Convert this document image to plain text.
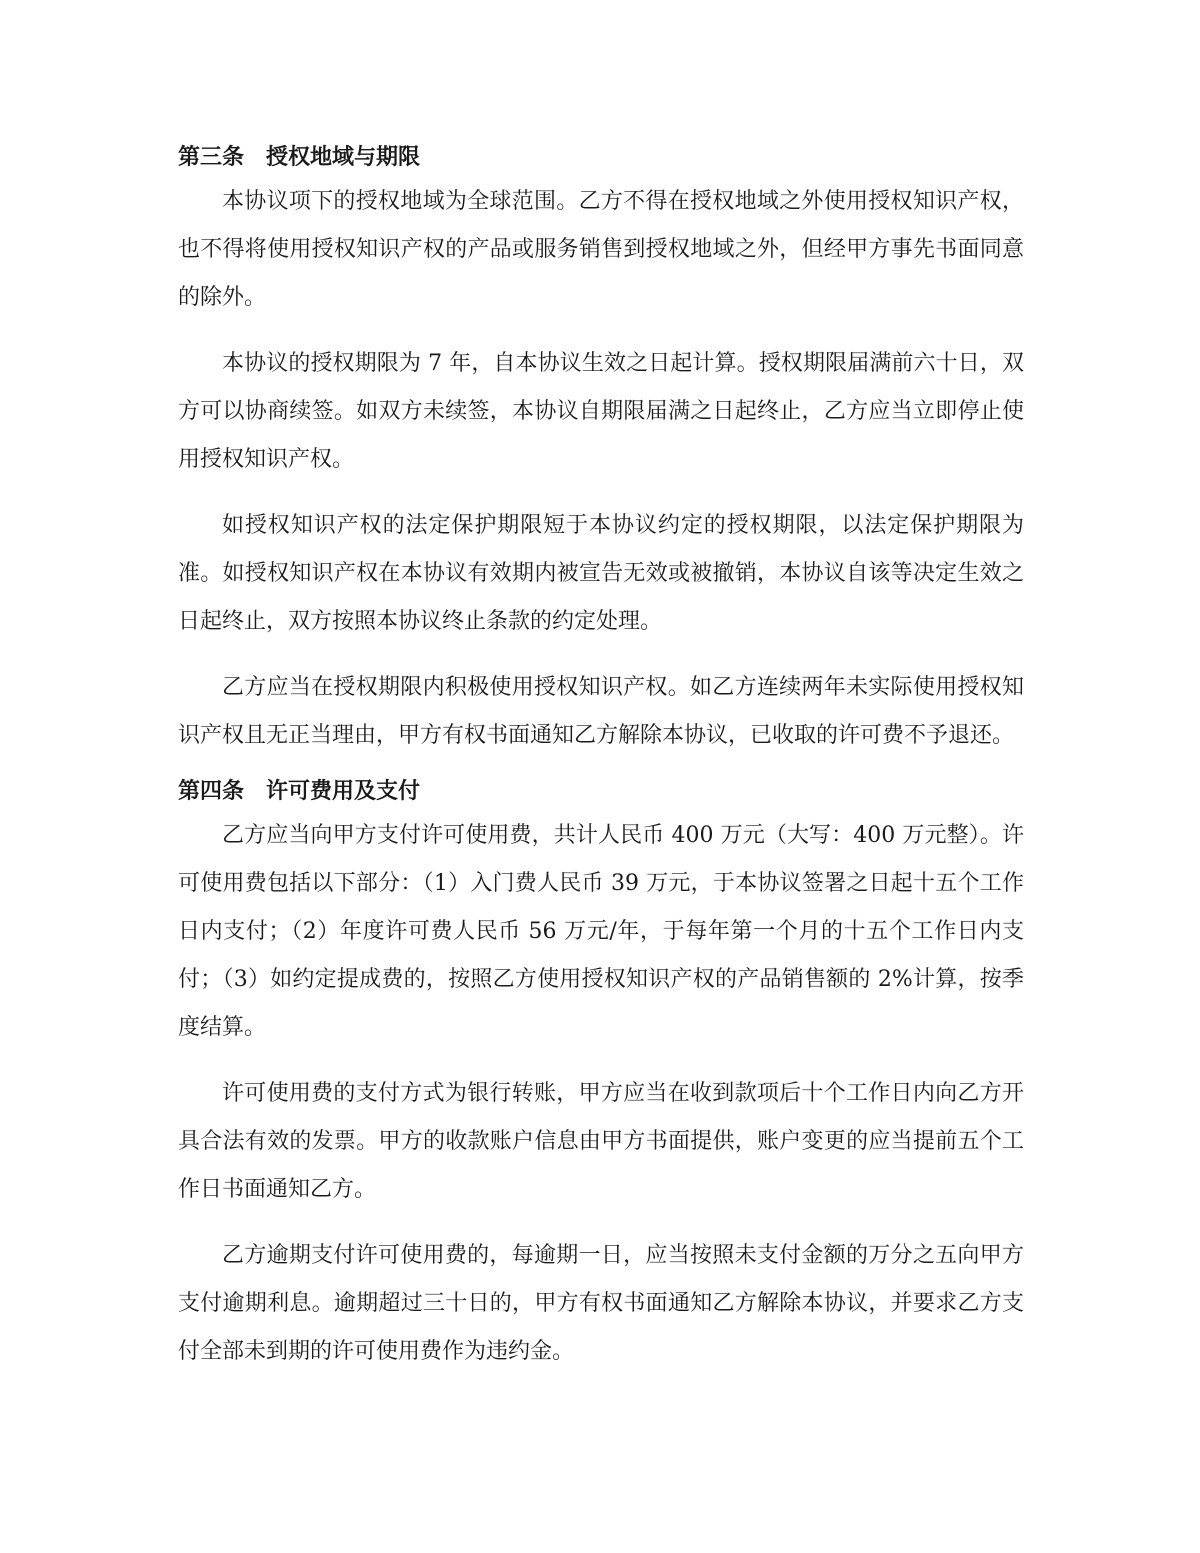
第三条　授权地域与期限

本协议项下的授权地域为全球范围。乙方不得在授权地域之外使用授权知识产权，也不得将使用授权知识产权的产品或服务销售到授权地域之外，但经甲方事先书面同意的除外。

本协议的授权期限为 7 年，自本协议生效之日起计算。授权期限届满前六十日，双方可以协商续签。如双方未续签，本协议自期限届满之日起终止，乙方应当立即停止使用授权知识产权。

如授权知识产权的法定保护期限短于本协议约定的授权期限，以法定保护期限为准。如授权知识产权在本协议有效期内被宣告无效或被撤销，本协议自该等决定生效之日起终止，双方按照本协议终止条款的约定处理。

乙方应当在授权期限内积极使用授权知识产权。如乙方连续两年未实际使用授权知识产权且无正当理由，甲方有权书面通知乙方解除本协议，已收取的许可费不予退还。

第四条　许可费用及支付

乙方应当向甲方支付许可使用费，共计人民币 400 万元（大写：400 万元整）。许可使用费包括以下部分：（1）入门费人民币 39 万元，于本协议签署之日起十五个工作日内支付；（2）年度许可费人民币 56 万元/年，于每年第一个月的十五个工作日内支付；（3）如约定提成费的，按照乙方使用授权知识产权的产品销售额的 2%计算，按季度结算。

许可使用费的支付方式为银行转账，甲方应当在收到款项后十个工作日内向乙方开具合法有效的发票。甲方的收款账户信息由甲方书面提供，账户变更的应当提前五个工作日书面通知乙方。

乙方逾期支付许可使用费的，每逾期一日，应当按照未支付金额的万分之五向甲方支付逾期利息。逾期超过三十日的，甲方有权书面通知乙方解除本协议，并要求乙方支付全部未到期的许可使用费作为违约金。
